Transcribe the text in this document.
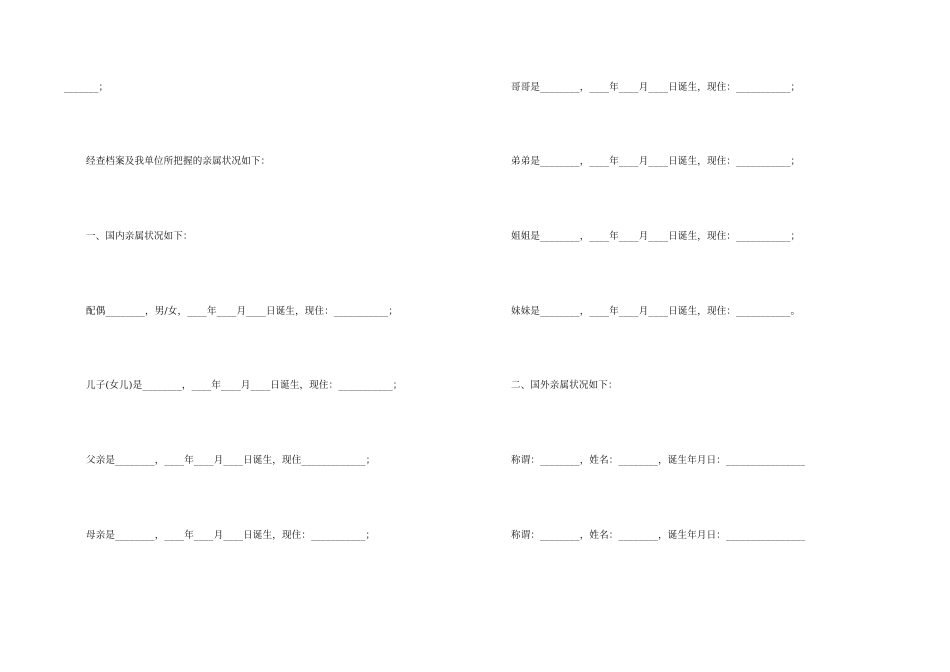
_______；
经查档案及我单位所把握的亲属状况如下：
一、国内亲属状况如下：
配偶________，男/女，____年____月____日诞生，现住：___________；
儿子(女儿)是________，____年____月____日诞生，现住：___________；
父亲是________，____年____月____日诞生，现住_____________；
母亲是________，____年____月____日诞生，现住：___________；
哥哥是________，____年____月____日诞生，现住：___________；
弟弟是________，____年____月____日诞生，现住：___________；
姐姐是________，____年____月____日诞生，现住：___________；
妹妹是________，____年____月____日诞生，现住：___________。
二、国外亲属状况如下：
称谓：________，姓名：________，诞生年月日：________________
称谓：________，姓名：________，诞生年月日：________________
